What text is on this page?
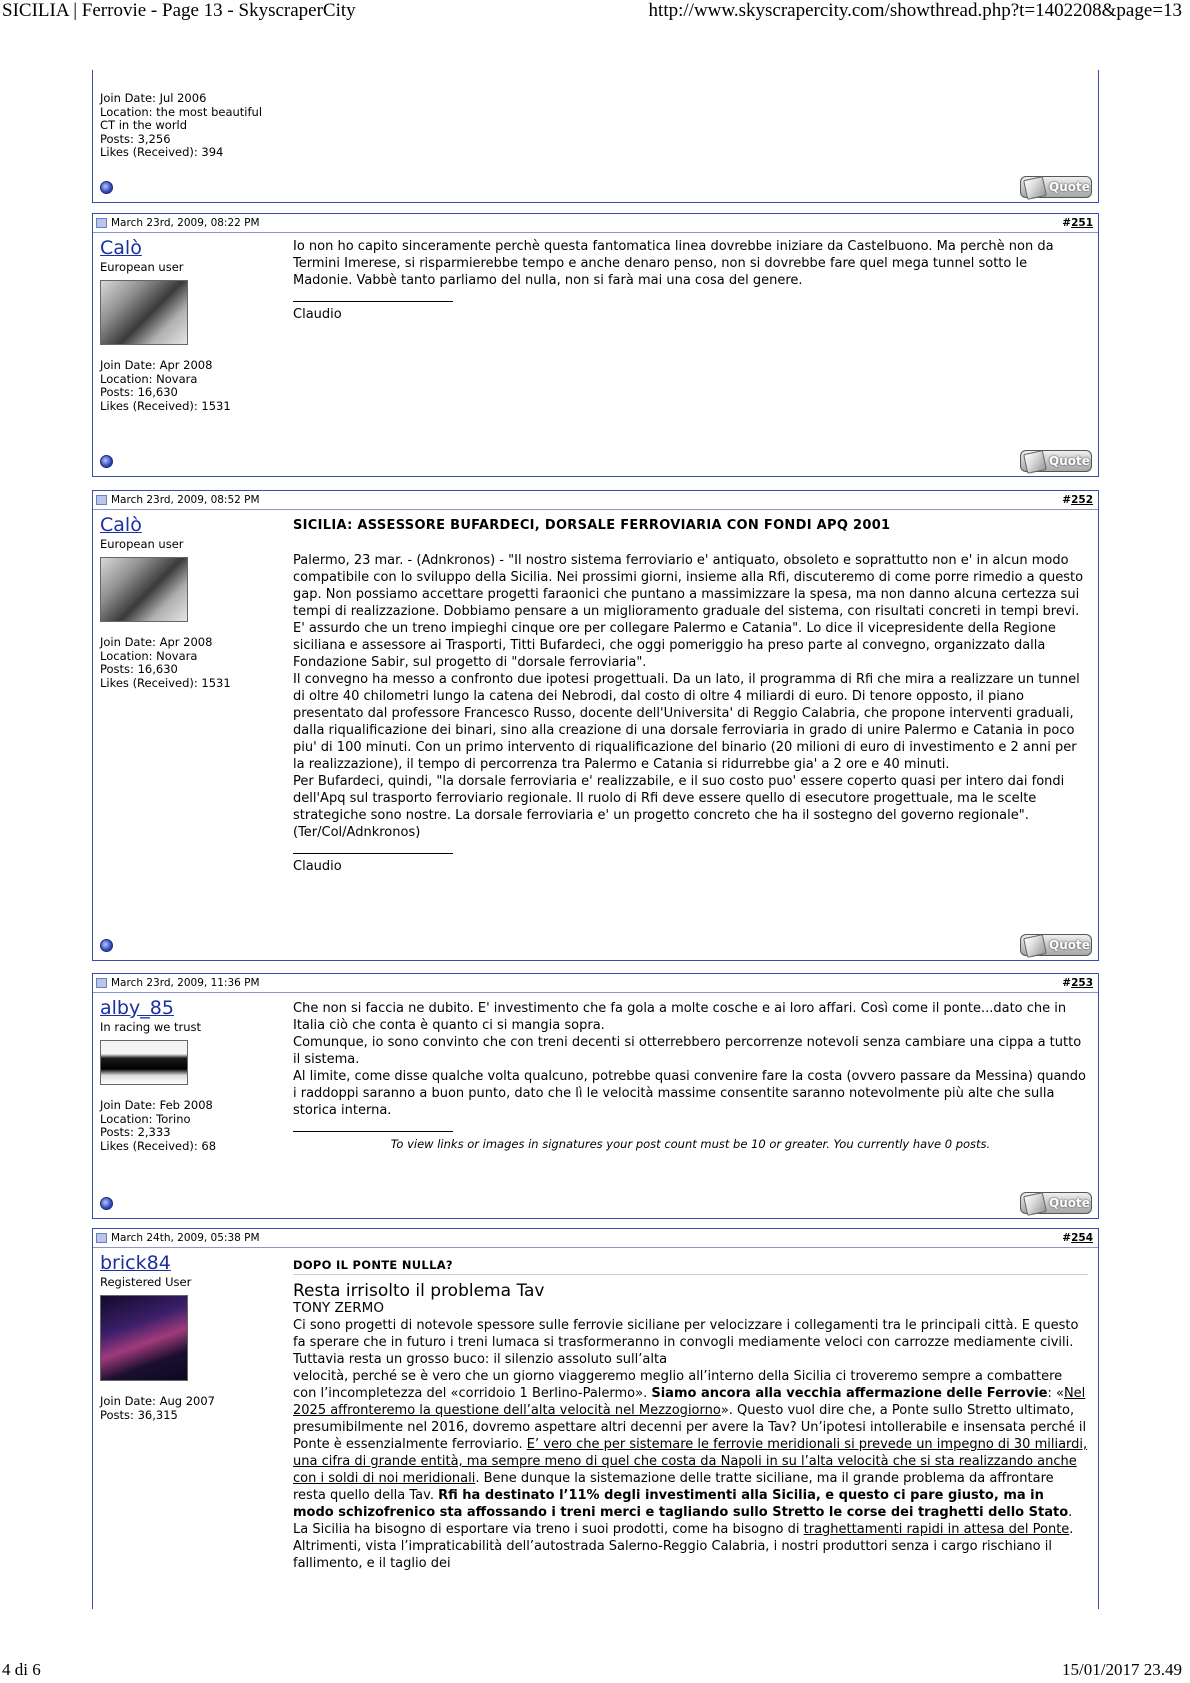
SICILIA | Ferrovie - Page 13 - SkyscraperCity	http://www.skyscrapercity.com/showthread.php?t=1402208&page=13
Join Date: Jul 2006
Location: the most beautiful
CT in the world
Posts: 3,256
Likes (Received): 394
Quote
March 23rd, 2009, 08:22 PM	#251
Calò
European user
Join Date: Apr 2008
Location: Novara
Posts: 16,630
Likes (Received): 1531

Io non ho capito sinceramente perchè questa fantomatica linea dovrebbe iniziare da Castelbuono. Ma perchè non da Termini Imerese, si risparmierebbe tempo e anche denaro penso, non si dovrebbe fare quel mega tunnel sotto le Madonie. Vabbè tanto parliamo del nulla, non si farà mai una cosa del genere.

Claudio

Quote
March 23rd, 2009, 08:52 PM	#252
Calò
European user
Join Date: Apr 2008
Location: Novara
Posts: 16,630
Likes (Received): 1531

SICILIA: ASSESSORE BUFARDECI, DORSALE FERROVIARIA CON FONDI APQ 2001

Palermo, 23 mar. - (Adnkronos) - "Il nostro sistema ferroviario e' antiquato, obsoleto e soprattutto non e' in alcun modo compatibile con lo sviluppo della Sicilia. Nei prossimi giorni, insieme alla Rfi, discuteremo di come porre rimedio a questo gap. Non possiamo accettare progetti faraonici che puntano a massimizzare la spesa, ma non danno alcuna certezza sui tempi di realizzazione. Dobbiamo pensare a un miglioramento graduale del sistema, con risultati concreti in tempi brevi. E' assurdo che un treno impieghi cinque ore per collegare Palermo e Catania". Lo dice il vicepresidente della Regione siciliana e assessore ai Trasporti, Titti Bufardeci, che oggi pomeriggio ha preso parte al convegno, organizzato dalla Fondazione Sabir, sul progetto di "dorsale ferroviaria".

Il convegno ha messo a confronto due ipotesi progettuali. Da un lato, il programma di Rfi che mira a realizzare un tunnel di oltre 40 chilometri lungo la catena dei Nebrodi, dal costo di oltre 4 miliardi di euro. Di tenore opposto, il piano presentato dal professore Francesco Russo, docente dell'Universita' di Reggio Calabria, che propone interventi graduali, dalla riqualificazione dei binari, sino alla creazione di una dorsale ferroviaria in grado di unire Palermo e Catania in poco piu' di 100 minuti. Con un primo intervento di riqualificazione del binario (20 milioni di euro di investimento e 2 anni per la realizzazione), il tempo di percorrenza tra Palermo e Catania si ridurrebbe gia' a 2 ore e 40 minuti.

Per Bufardeci, quindi, "la dorsale ferroviaria e' realizzabile, e il suo costo puo' essere coperto quasi per intero dai fondi dell'Apq sul trasporto ferroviario regionale. Il ruolo di Rfi deve essere quello di esecutore progettuale, ma le scelte strategiche sono nostre. La dorsale ferroviaria e' un progetto concreto che ha il sostegno del governo regionale".

(Ter/Col/Adnkronos)

Claudio

Quote
March 23rd, 2009, 11:36 PM	#253
alby_85
In racing we trust
Join Date: Feb 2008
Location: Torino
Posts: 2,333
Likes (Received): 68

Che non si faccia ne dubito. E' investimento che fa gola a molte cosche e ai loro affari. Così come il ponte...dato che in Italia ciò che conta è quanto ci si mangia sopra.

Comunque, io sono convinto che con treni decenti si otterrebbero percorrenze notevoli senza cambiare una cippa a tutto il sistema.

Al limite, come disse qualche volta qualcuno, potrebbe quasi convenire fare la costa (ovvero passare da Messina) quando i raddoppi saranno a buon punto, dato che lì le velocità massime consentite saranno notevolmente più alte che sulla storica interna.

To view links or images in signatures your post count must be 10 or greater. You currently have 0 posts.

Quote
March 24th, 2009, 05:38 PM	#254
brick84
Registered User
Join Date: Aug 2007
Posts: 36,315

DOPO IL PONTE NULLA?

Resta irrisolto il problema Tav

TONY ZERMO

Ci sono progetti di notevole spessore sulle ferrovie siciliane per velocizzare i collegamenti tra le principali città. E questo fa sperare che in futuro i treni lumaca si trasformeranno in convogli mediamente veloci con carrozze mediamente civili. Tuttavia resta un grosso buco: il silenzio assoluto sull’alta
velocità, perché se è vero che un giorno viaggeremo meglio all’interno della Sicilia ci troveremo sempre a combattere con l’incompletezza del «corridoio 1 Berlino-Palermo». Siamo ancora alla vecchia affermazione delle Ferrovie: «Nel 2025 affronteremo la questione dell’alta velocità nel Mezzogiorno». Questo vuol dire che, a Ponte sullo Stretto ultimato, presumibilmente nel 2016, dovremo aspettare altri decenni per avere la Tav? Un’ipotesi intollerabile e insensata perché il Ponte è essenzialmente ferroviario. E’ vero che per sistemare le ferrovie meridionali si prevede un impegno di 30 miliardi, una cifra di grande entità, ma sempre meno di quel che costa da Napoli in su l’alta velocità che si sta realizzando anche con i soldi di noi meridionali. Bene dunque la sistemazione delle tratte siciliane, ma il grande problema da affrontare resta quello della Tav. Rfi ha destinato l’11% degli investimenti alla Sicilia, e questo ci pare giusto, ma in modo schizofrenico sta affossando i treni merci e tagliando sullo Stretto le corse dei traghetti dello Stato. La Sicilia ha bisogno di esportare via treno i suoi prodotti, come ha bisogno di traghettamenti rapidi in attesa del Ponte. Altrimenti, vista l’impraticabilità dell’autostrada Salerno-Reggio Calabria, i nostri produttori senza i cargo rischiano il fallimento, e il taglio dei

4 di 6	15/01/2017 23.49
